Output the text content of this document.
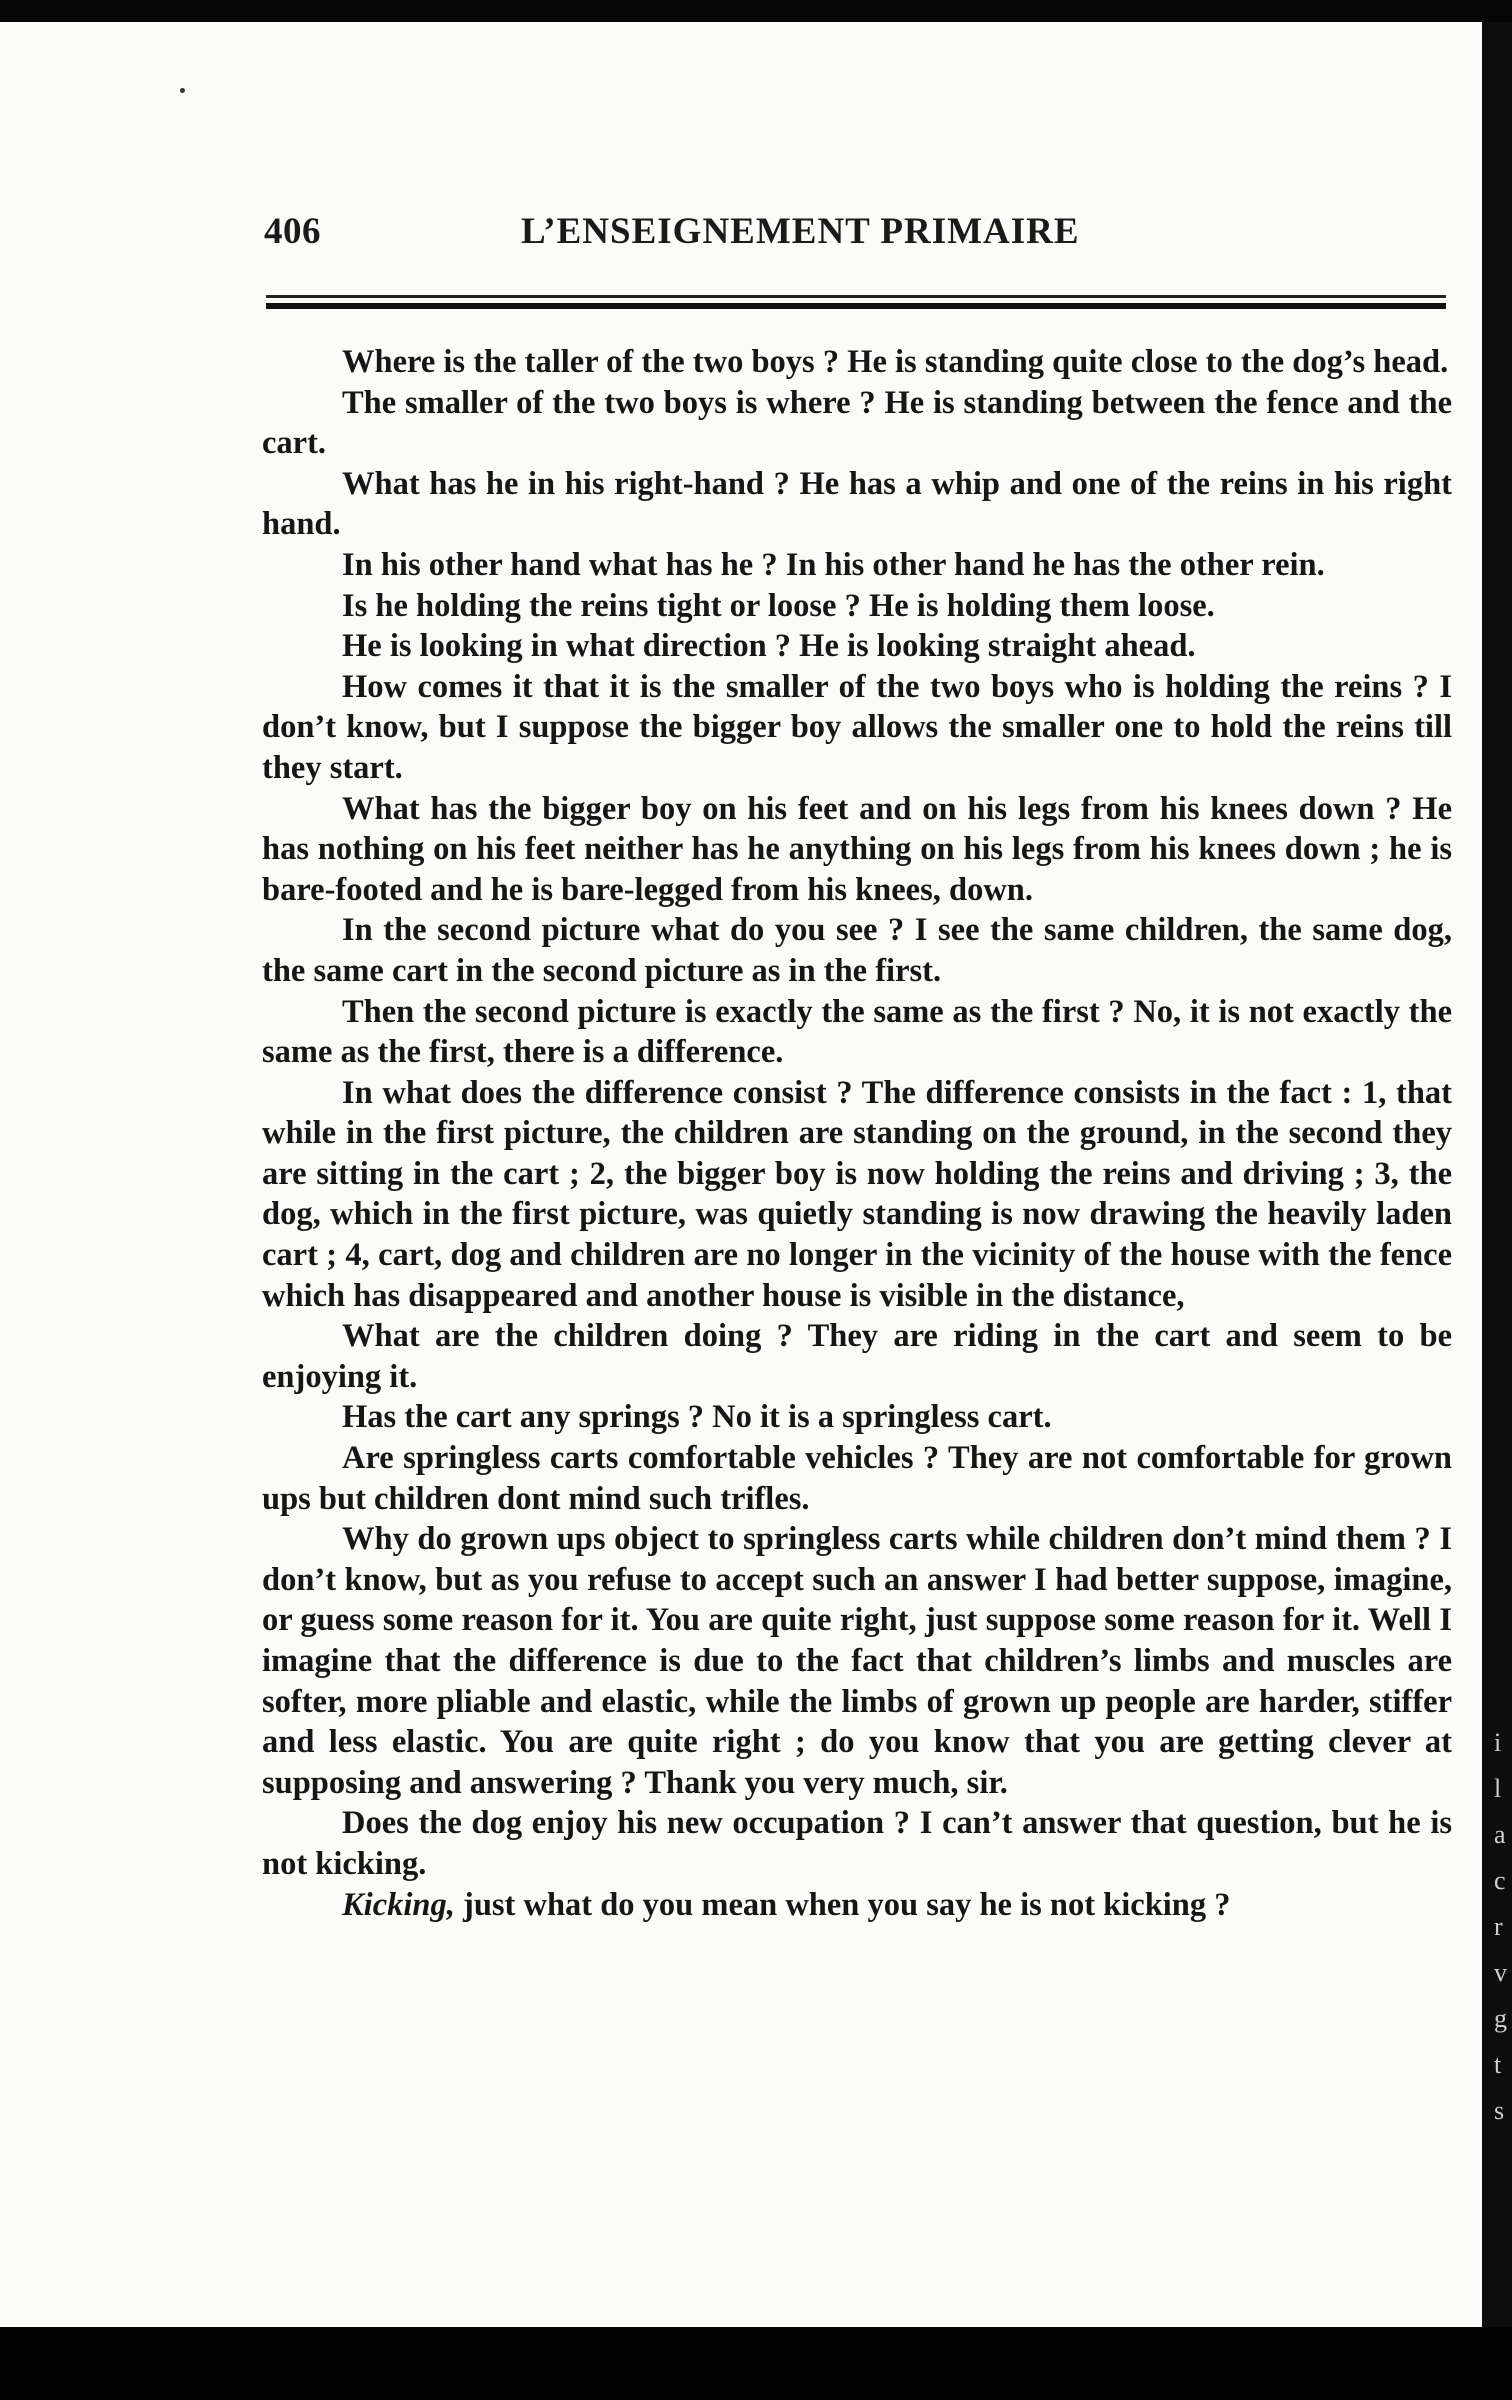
406	L’ENSEIGNEMENT PRIMAIRE

Where is the taller of the two boys ? He is standing quite close to the dog’s head.

The smaller of the two boys is where ? He is standing between the fence and the cart.

What has he in his right-hand ? He has a whip and one of the reins in his right hand.

In his other hand what has he ? In his other hand he has the other rein.

Is he holding the reins tight or loose ? He is holding them loose.

He is looking in what direction ? He is looking straight ahead.

How comes it that it is the smaller of the two boys who is holding the reins ? I don’t know, but I suppose the bigger boy allows the smaller one to hold the reins till they start.

What has the bigger boy on his feet and on his legs from his knees down ? He has nothing on his feet neither has he anything on his legs from his knees down ; he is bare-footed and he is bare-legged from his knees, down.

In the second picture what do you see ? I see the same children, the same dog, the same cart in the second picture as in the first.

Then the second picture is exactly the same as the first ? No, it is not exactly the same as the first, there is a difference.

In what does the difference consist ? The difference consists in the fact : 1, that while in the first picture, the children are standing on the ground, in the second they are sitting in the cart ; 2, the bigger boy is now holding the reins and driving ; 3, the dog, which in the first picture, was quietly standing is now drawing the heavily laden cart ; 4, cart, dog and children are no longer in the vicinity of the house with the fence which has disappeared and another house is visible in the distance,

What are the children doing ? They are riding in the cart and seem to be enjoying it.

Has the cart any springs ? No it is a springless cart.

Are springless carts comfortable vehicles ? They are not comfortable for grown ups but children dont mind such trifles.

Why do grown ups object to springless carts while children don’t mind them ? I don’t know, but as you refuse to accept such an answer I had better suppose, imagine, or guess some reason for it. You are quite right, just suppose some reason for it. Well I imagine that the difference is due to the fact that children’s limbs and muscles are softer, more pliable and elastic, while the limbs of grown up people are harder, stiffer and less elastic. You are quite right ; do you know that you are getting clever at supposing and answering ? Thank you very much, sir.

Does the dog enjoy his new occupation ? I can’t answer that question, but he is not kicking.

Kicking, just what do you mean when you say he is not kicking ?

i
l
a
c
r
v
g
t
s
